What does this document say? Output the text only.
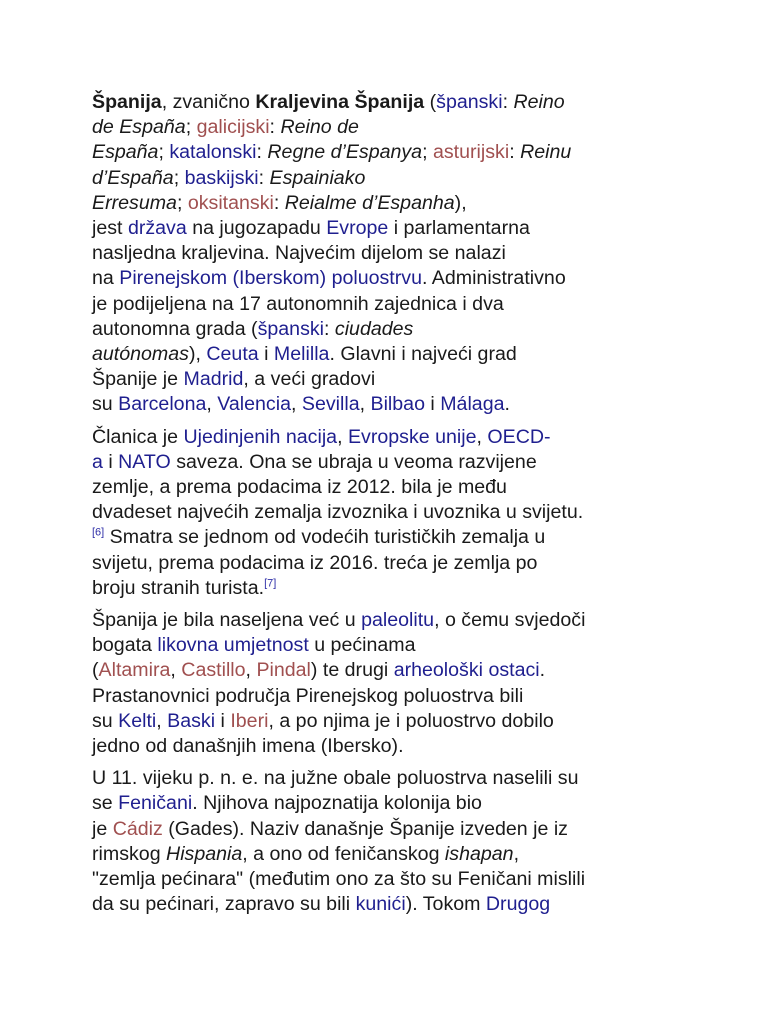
Španija, zvanično Kraljevina Španija (španski: Reino
de España; galicijski: Reino de
España; katalonski: Regne d’Espanya; asturijski: Reinu
d’España; baskijski: Espainiako
Erresuma; oksitanski: Reialme d’Espanha),
jest država na jugozapadu Evrope i parlamentarna
nasljedna kraljevina. Najvećim dijelom se nalazi
na Pirenejskom (Iberskom) poluostrvu. Administrativno
je podijeljena na 17 autonomnih zajednica i dva
autonomna grada (španski: ciudades
autónomas), Ceuta i Melilla. Glavni i najveći grad
Španije je Madrid, a veći gradovi
su Barcelona, Valencia, Sevilla, Bilbao i Málaga.
Članica je Ujedinjenih nacija, Evropske unije, OECD-
a i NATO saveza. Ona se ubraja u veoma razvijene
zemlje, a prema podacima iz 2012. bila je među
dvadeset najvećih zemalja izvoznika i uvoznika u svijetu.
[6] Smatra se jednom od vodećih turističkih zemalja u
svijetu, prema podacima iz 2016. treća je zemlja po
broju stranih turista.[7]
Španija je bila naseljena već u paleolitu, o čemu svjedoči
bogata likovna umjetnost u pećinama
(Altamira, Castillo, Pindal) te drugi arheološki ostaci.
Prastanovnici područja Pirenejskog poluostrva bili
su Kelti, Baski i Iberi, a po njima je i poluostrvo dobilo
jedno od današnjih imena (Ibersko).
U 11. vijeku p. n. e. na južne obale poluostrva naselili su
se Feničani. Njihova najpoznatija kolonija bio
je Cádiz (Gades). Naziv današnje Španije izveden je iz
rimskog Hispania, a ono od feničanskog ishapan,
"zemlja pećinara" (međutim ono za što su Feničani mislili
da su pećinari, zapravo su bili kunići). Tokom Drugog
